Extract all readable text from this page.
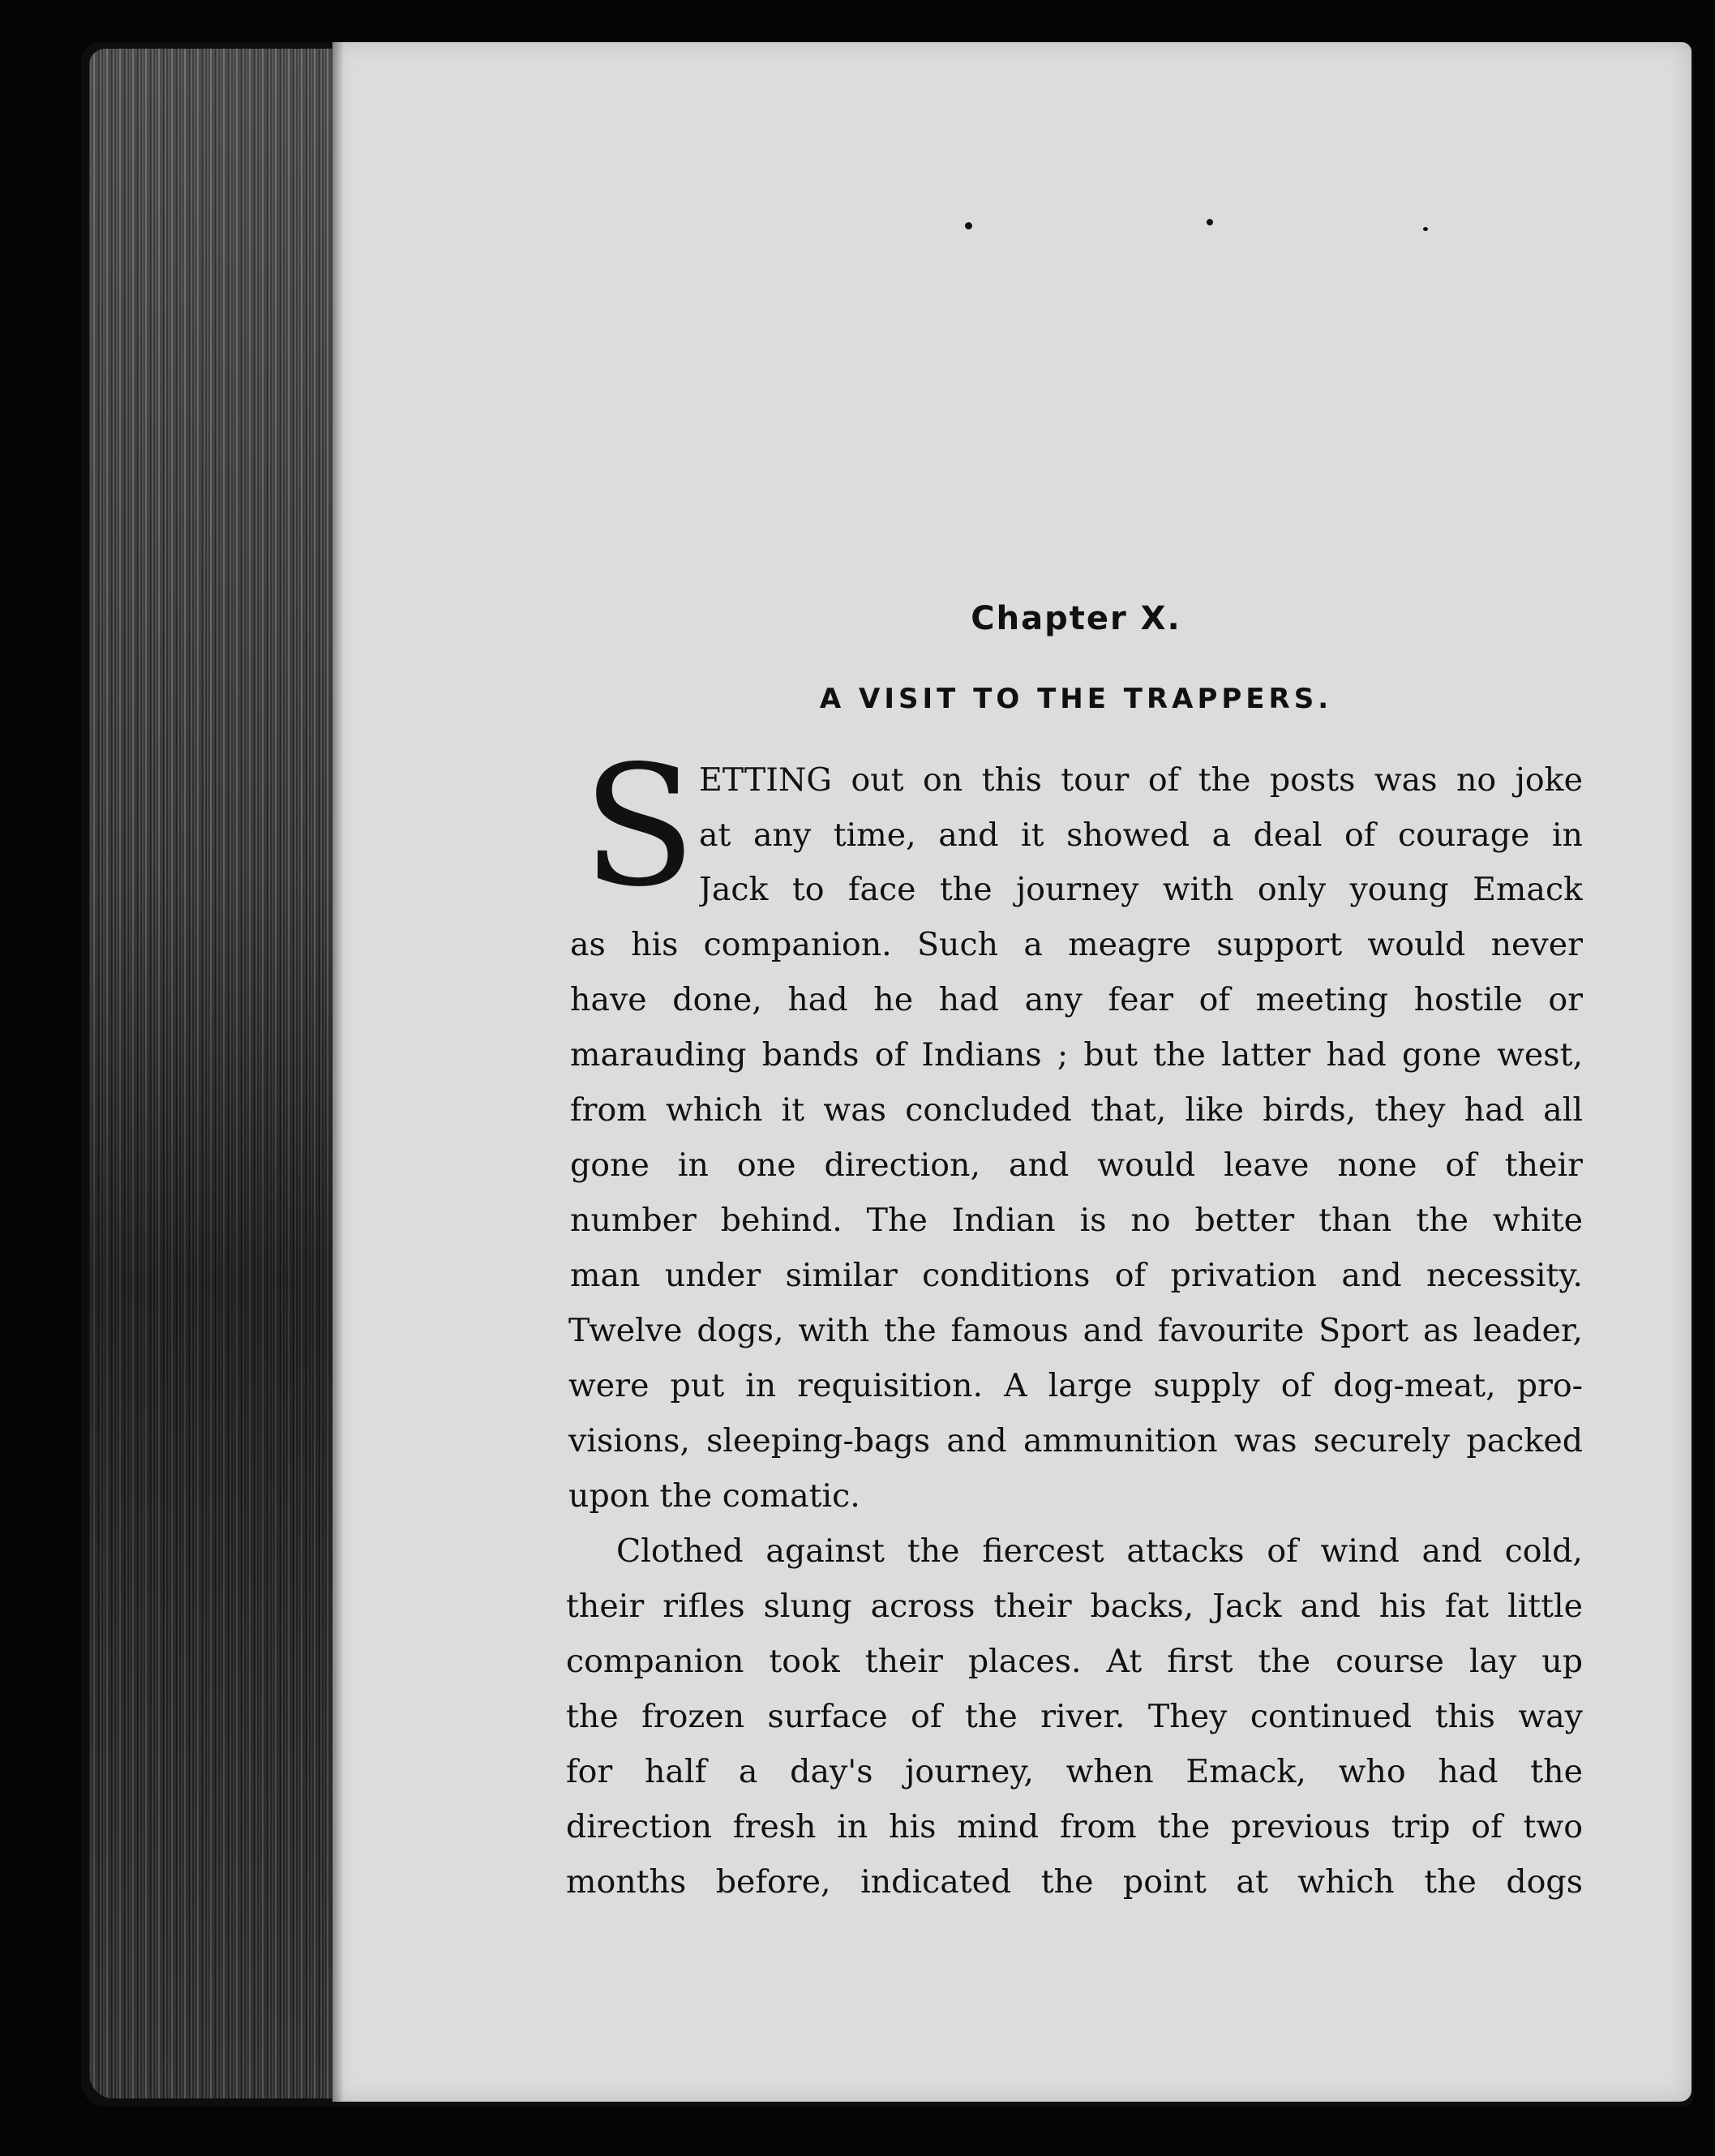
Chapter X.
A VISIT TO THE TRAPPERS.
S ETTING out on this tour of the posts was no joke
at any time, and it showed a deal of courage in
Jack to face the journey with only young Emack
as his companion. Such a meagre support would never
have done, had he had any fear of meeting hostile or
marauding bands of Indians ; but the latter had gone west,
from which it was concluded that, like birds, they had all
gone in one direction, and would leave none of their
number behind. The Indian is no better than the white
man under similar conditions of privation and necessity.
Twelve dogs, with the famous and favourite Sport as leader,
were put in requisition. A large supply of dog-meat, pro-
visions, sleeping-bags and ammunition was securely packed
upon the comatic.
Clothed against the fiercest attacks of wind and cold,
their rifles slung across their backs, Jack and his fat little
companion took their places. At first the course lay up
the frozen surface of the river. They continued this way
for half a day's journey, when Emack, who had the
direction fresh in his mind from the previous trip of two
months before, indicated the point at which the dogs
